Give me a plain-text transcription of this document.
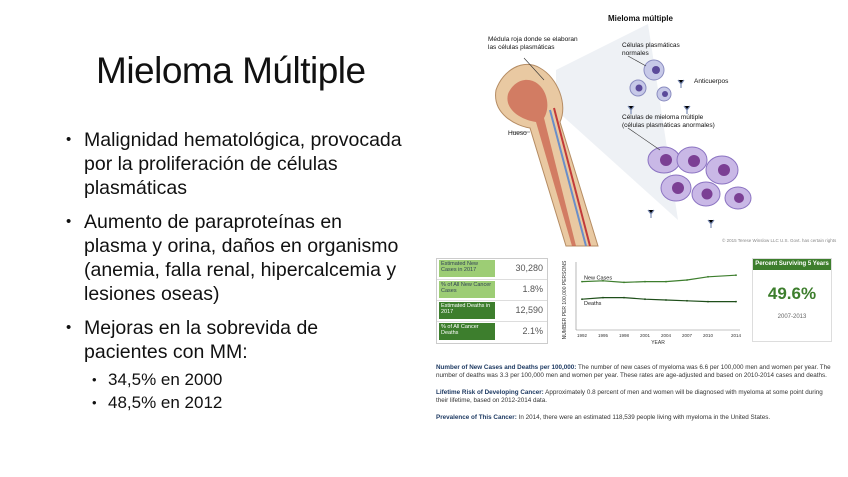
Mieloma Múltiple
• Malignidad hematológica, provocada por la proliferación de células plasmáticas
• Aumento de paraproteínas en plasma y orina, daños en organismo (anemia, falla renal, hipercalcemia y lesiones oseas)
• Mejoras en la sobrevida de pacientes con MM:
• 34,5% en 2000
• 48,5% en 2012
Mieloma múltiple
Médula roja donde se elaboran las células plasmáticas
Hueso
Células plasmáticas normales
Anticuerpos
Células de mieloma múltiple (células plasmáticas anormales)
© 2015 Terese Winslow LLC U.S. Govt. has certain rights
Estimated New Cases in 2017	30,280
% of All New Cancer Cases	1.8%
Estimated Deaths in 2017	12,590
% of All Cancer Deaths	2.1%	NUMBER PER 100,000 PERSONS
YEAR
1992 1995 1998 2001 2004 2007 2010	2014
New Cases
Deaths
Percent Surviving 5 Years
49.6%
2007-2013

Number of New Cases and Deaths per 100,000: The number of new cases of myeloma was 6.6 per 100,000 men and women per year. The number of deaths was 3.3 per 100,000 men and women per year. These rates are age-adjusted and based on 2010-2014 cases and deaths.

Lifetime Risk of Developing Cancer: Approximately 0.8 percent of men and women will be diagnosed with myeloma at some point during their lifetime, based on 2012-2014 data.

Prevalence of This Cancer: In 2014, there were an estimated 118,539 people living with myeloma in the United States.
